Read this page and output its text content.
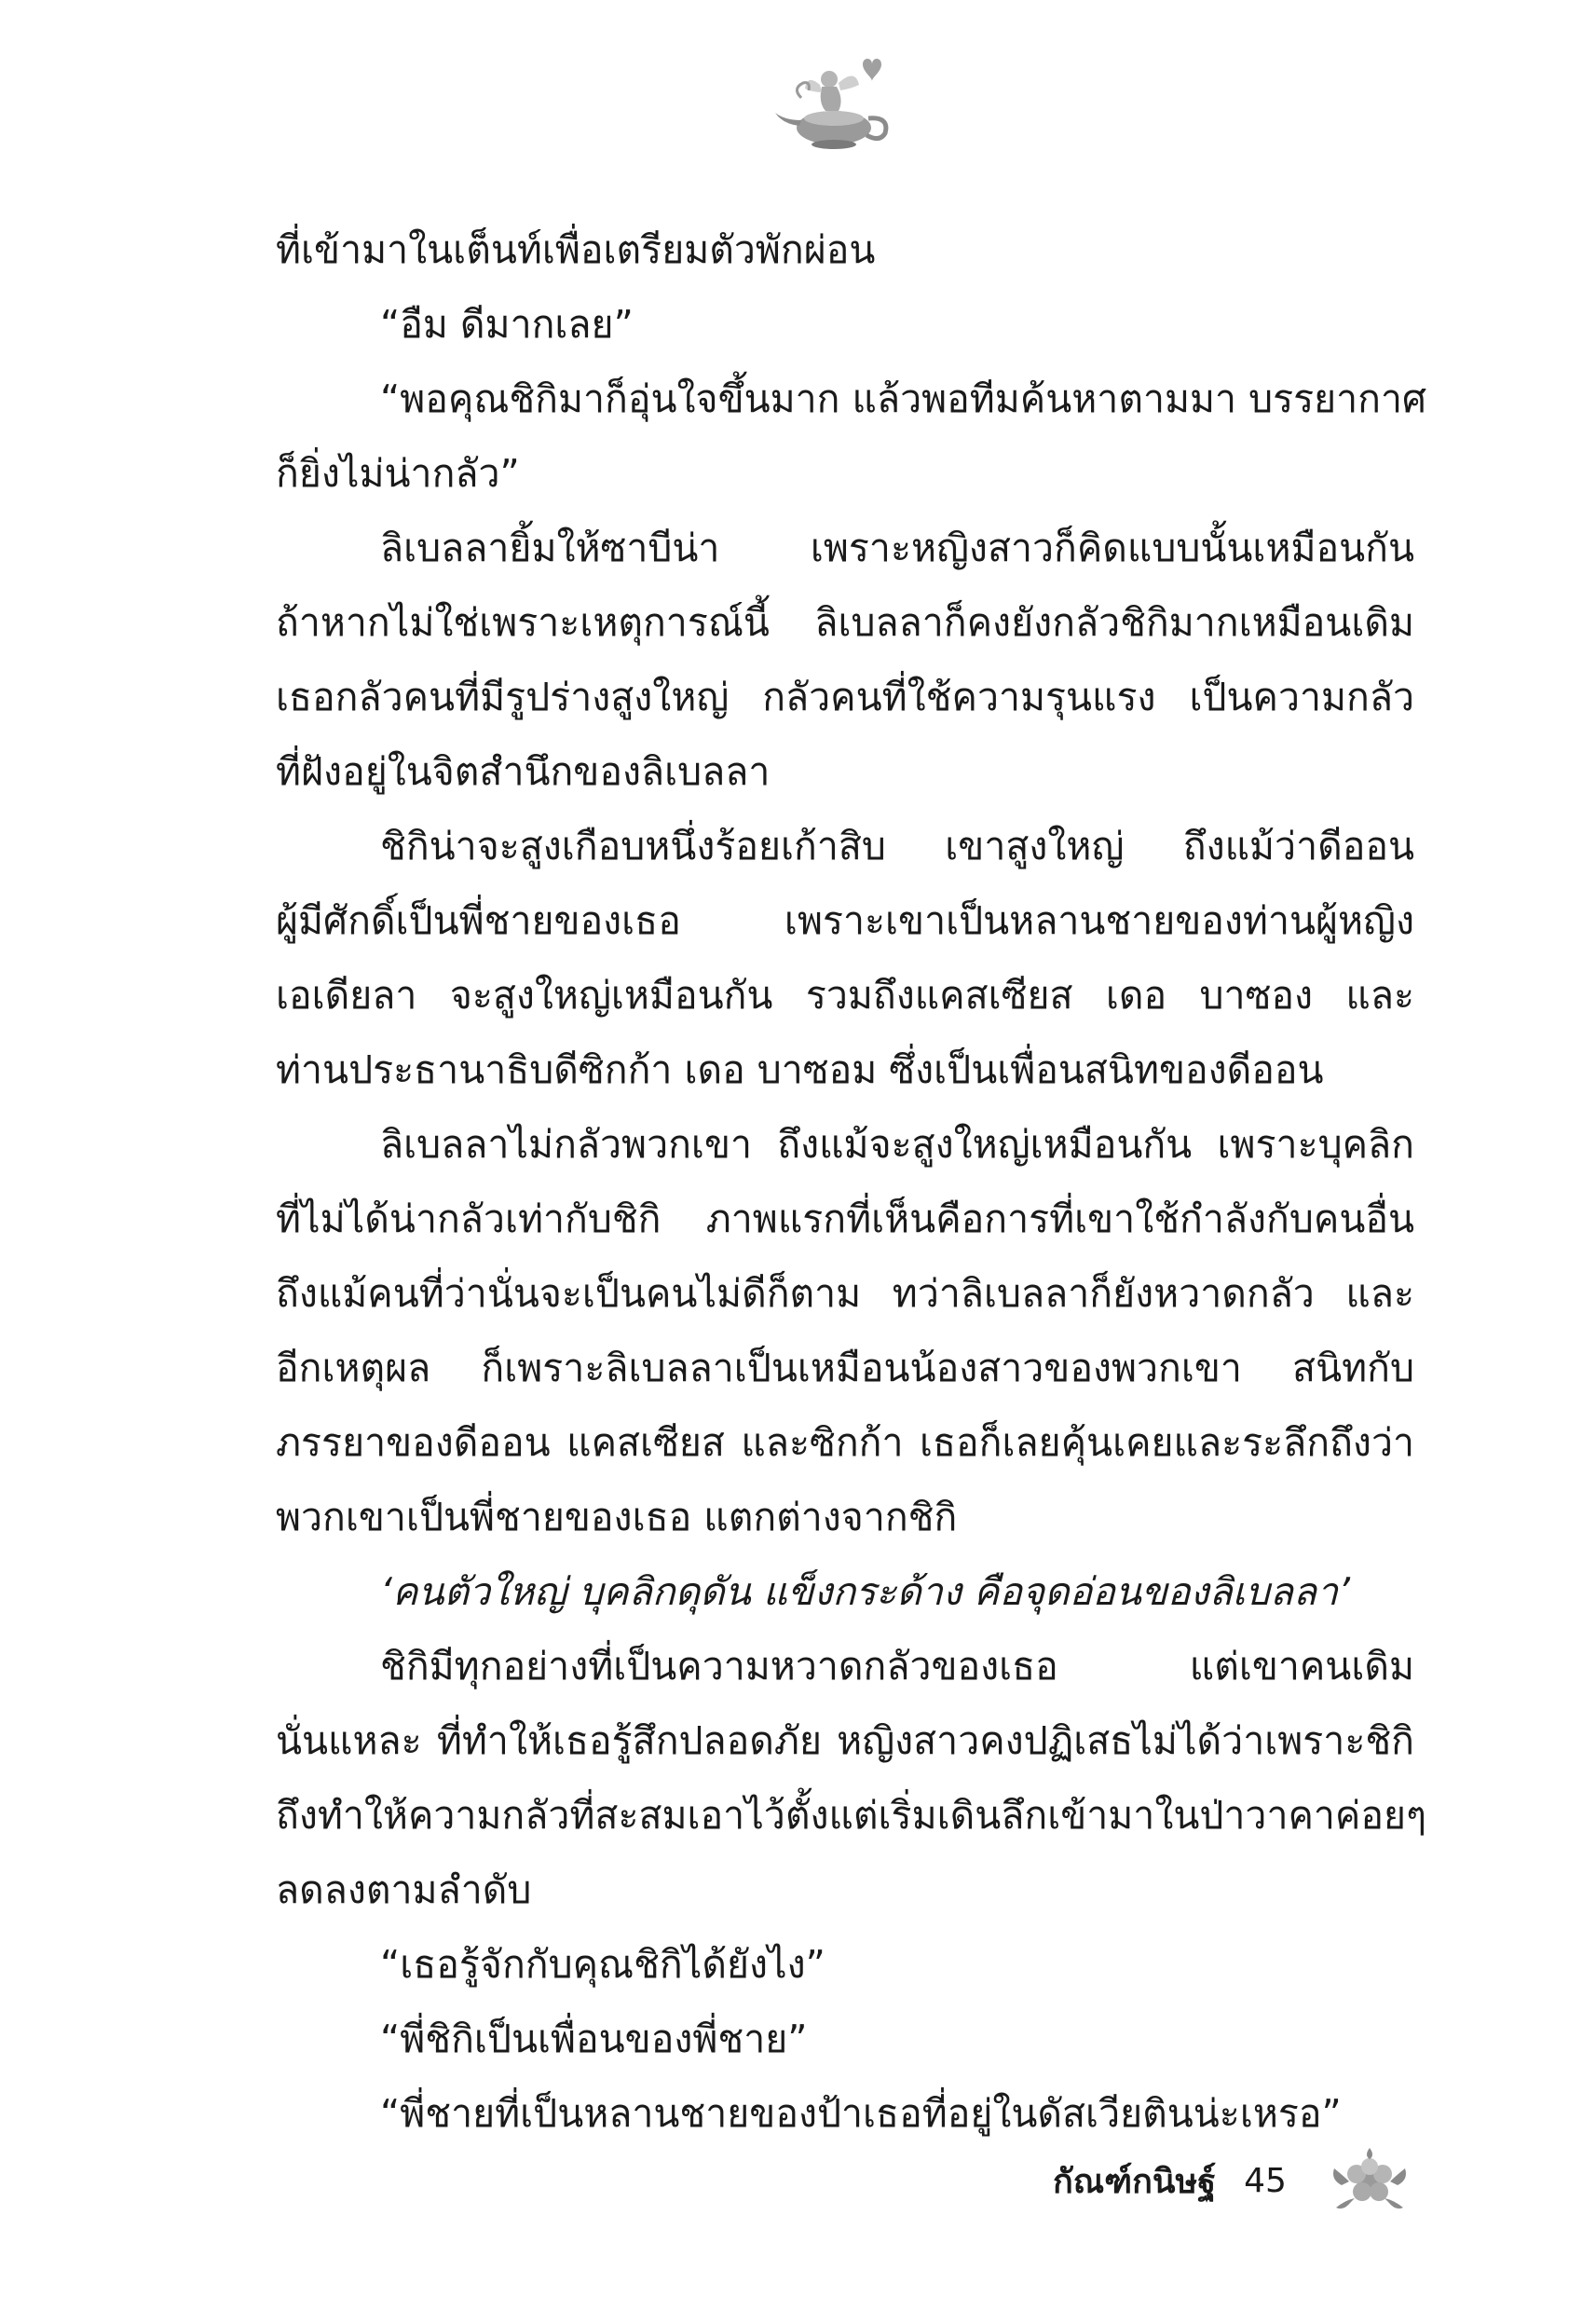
ที่เข้ามาในเต็นท์เพื่อเตรียมตัวพักผ่อน
“อืม ดีมากเลย”
“พอคุณชิกิมาก็อุ่นใจขึ้นมาก แล้วพอทีมค้นหาตามมา บรรยากาศ
ก็ยิ่งไม่น่ากลัว”
ลิเบลลายิ้มให้ซาบีน่า เพราะหญิงสาวก็คิดแบบนั้นเหมือนกัน
ถ้าหากไม่ใช่เพราะเหตุการณ์นี้ ลิเบลลาก็คงยังกลัวชิกิมากเหมือนเดิม
เธอกลัวคนที่มีรูปร่างสูงใหญ่ กลัวคนที่ใช้ความรุนแรง เป็นความกลัว
ที่ฝังอยู่ในจิตสำนึกของลิเบลลา
ชิกิน่าจะสูงเกือบหนึ่งร้อยเก้าสิบ เขาสูงใหญ่ ถึงแม้ว่าดีออน
ผู้มีศักดิ์เป็นพี่ชายของเธอ เพราะเขาเป็นหลานชายของท่านผู้หญิง
เอเดียลา จะสูงใหญ่เหมือนกัน รวมถึงแคสเซียส เดอ บาซอง และ
ท่านประธานาธิบดีซิกก้า เดอ บาซอม ซึ่งเป็นเพื่อนสนิทของดีออน
ลิเบลลาไม่กลัวพวกเขา ถึงแม้จะสูงใหญ่เหมือนกัน เพราะบุคลิก
ที่ไม่ได้น่ากลัวเท่ากับชิกิ ภาพแรกที่เห็นคือการที่เขาใช้กำลังกับคนอื่น
ถึงแม้คนที่ว่านั่นจะเป็นคนไม่ดีก็ตาม ทว่าลิเบลลาก็ยังหวาดกลัว และ
อีกเหตุผล ก็เพราะลิเบลลาเป็นเหมือนน้องสาวของพวกเขา สนิทกับ
ภรรยาของดีออน แคสเซียส และซิกก้า เธอก็เลยคุ้นเคยและระลึกถึงว่า
พวกเขาเป็นพี่ชายของเธอ แตกต่างจากชิกิ
‘คนตัวใหญ่ บุคลิกดุดัน แข็งกระด้าง คือจุดอ่อนของลิเบลลา’
ชิกิมีทุกอย่างที่เป็นความหวาดกลัวของเธอ แต่เขาคนเดิม
นั่นแหละ ที่ทำให้เธอรู้สึกปลอดภัย หญิงสาวคงปฏิเสธไม่ได้ว่าเพราะชิกิ
ถึงทำให้ความกลัวที่สะสมเอาไว้ตั้งแต่เริ่มเดินลึกเข้ามาในป่าวาคาค่อยๆ
ลดลงตามลำดับ
“เธอรู้จักกับคุณชิกิได้ยังไง”
“พี่ชิกิเป็นเพื่อนของพี่ชาย”
“พี่ชายที่เป็นหลานชายของป้าเธอที่อยู่ในดัสเวียตินน่ะเหรอ”
กัณฑ์กนิษฐ์ 45
